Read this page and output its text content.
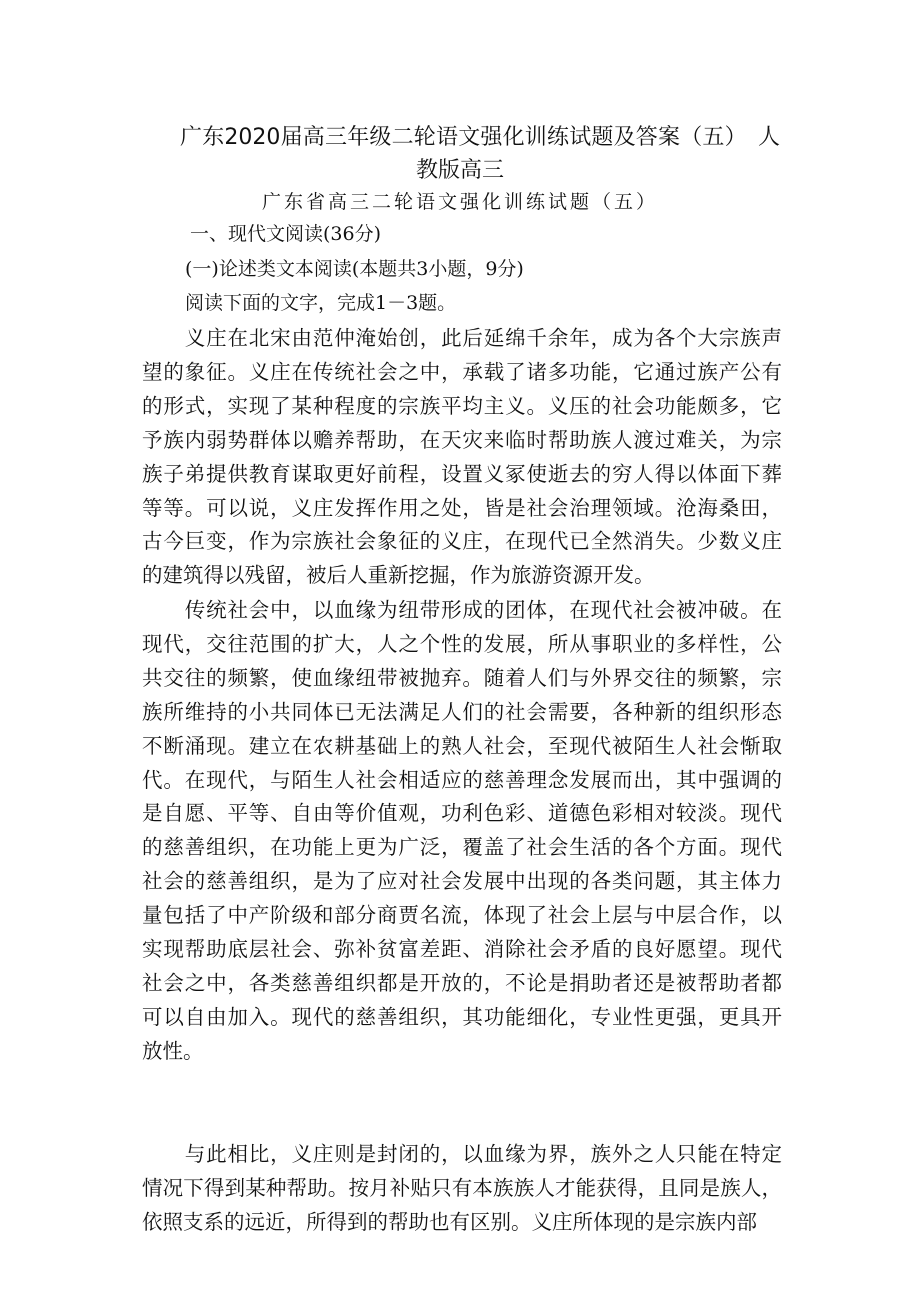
广东2020届高三年级二轮语文强化训练试题及答案（五）　人
教版高三
广东省高三二轮语文强化训练试题（五）
一、现代文阅读(36分)
(一)论述类文本阅读(本题共3小题，9分)
阅读下面的文字，完成1－3题。
　　义庄在北宋由范仲淹始创，此后延绵千余年，成为各个大宗族声
望的象征。义庄在传统社会之中，承载了诸多功能，它通过族产公有
的形式，实现了某种程度的宗族平均主义。义压的社会功能颇多，它
予族内弱势群体以赡养帮助，在天灾来临时帮助族人渡过难关，为宗
族子弟提供教育谋取更好前程，设置义冢使逝去的穷人得以体面下葬
等等。可以说，义庄发挥作用之处，皆是社会治理领域。沧海桑田，
古今巨变，作为宗族社会象征的义庄，在现代已全然消失。少数义庄
的建筑得以残留，被后人重新挖掘，作为旅游资源开发。
　　传统社会中，以血缘为纽带形成的团体，在现代社会被冲破。在
现代，交往范围的扩大，人之个性的发展，所从事职业的多样性，公
共交往的频繁，使血缘纽带被抛弃。随着人们与外界交往的频繁，宗
族所维持的小共同体已无法满足人们的社会需要，各种新的组织形态
不断涌现。建立在农耕基础上的熟人社会，至现代被陌生人社会惭取
代。在现代，与陌生人社会相适应的慈善理念发展而出，其中强调的
是自愿、平等、自由等价值观，功利色彩、道德色彩相对较淡。现代
的慈善组织，在功能上更为广泛，覆盖了社会生活的各个方面。现代
社会的慈善组织，是为了应对社会发展中出现的各类问题，其主体力
量包括了中产阶级和部分商贾名流，体现了社会上层与中层合作，以
实现帮助底层社会、弥补贫富差距、消除社会矛盾的良好愿望。现代
社会之中，各类慈善组织都是开放的，不论是捐助者还是被帮助者都
可以自由加入。现代的慈善组织，其功能细化，专业性更强，更具开
放性。
　　与此相比，义庄则是封闭的，以血缘为界，族外之人只能在特定
情况下得到某种帮助。按月补贴只有本族族人才能获得，且同是族人，
依照支系的远近，所得到的帮助也有区别。义庄所体现的是宗族内部
